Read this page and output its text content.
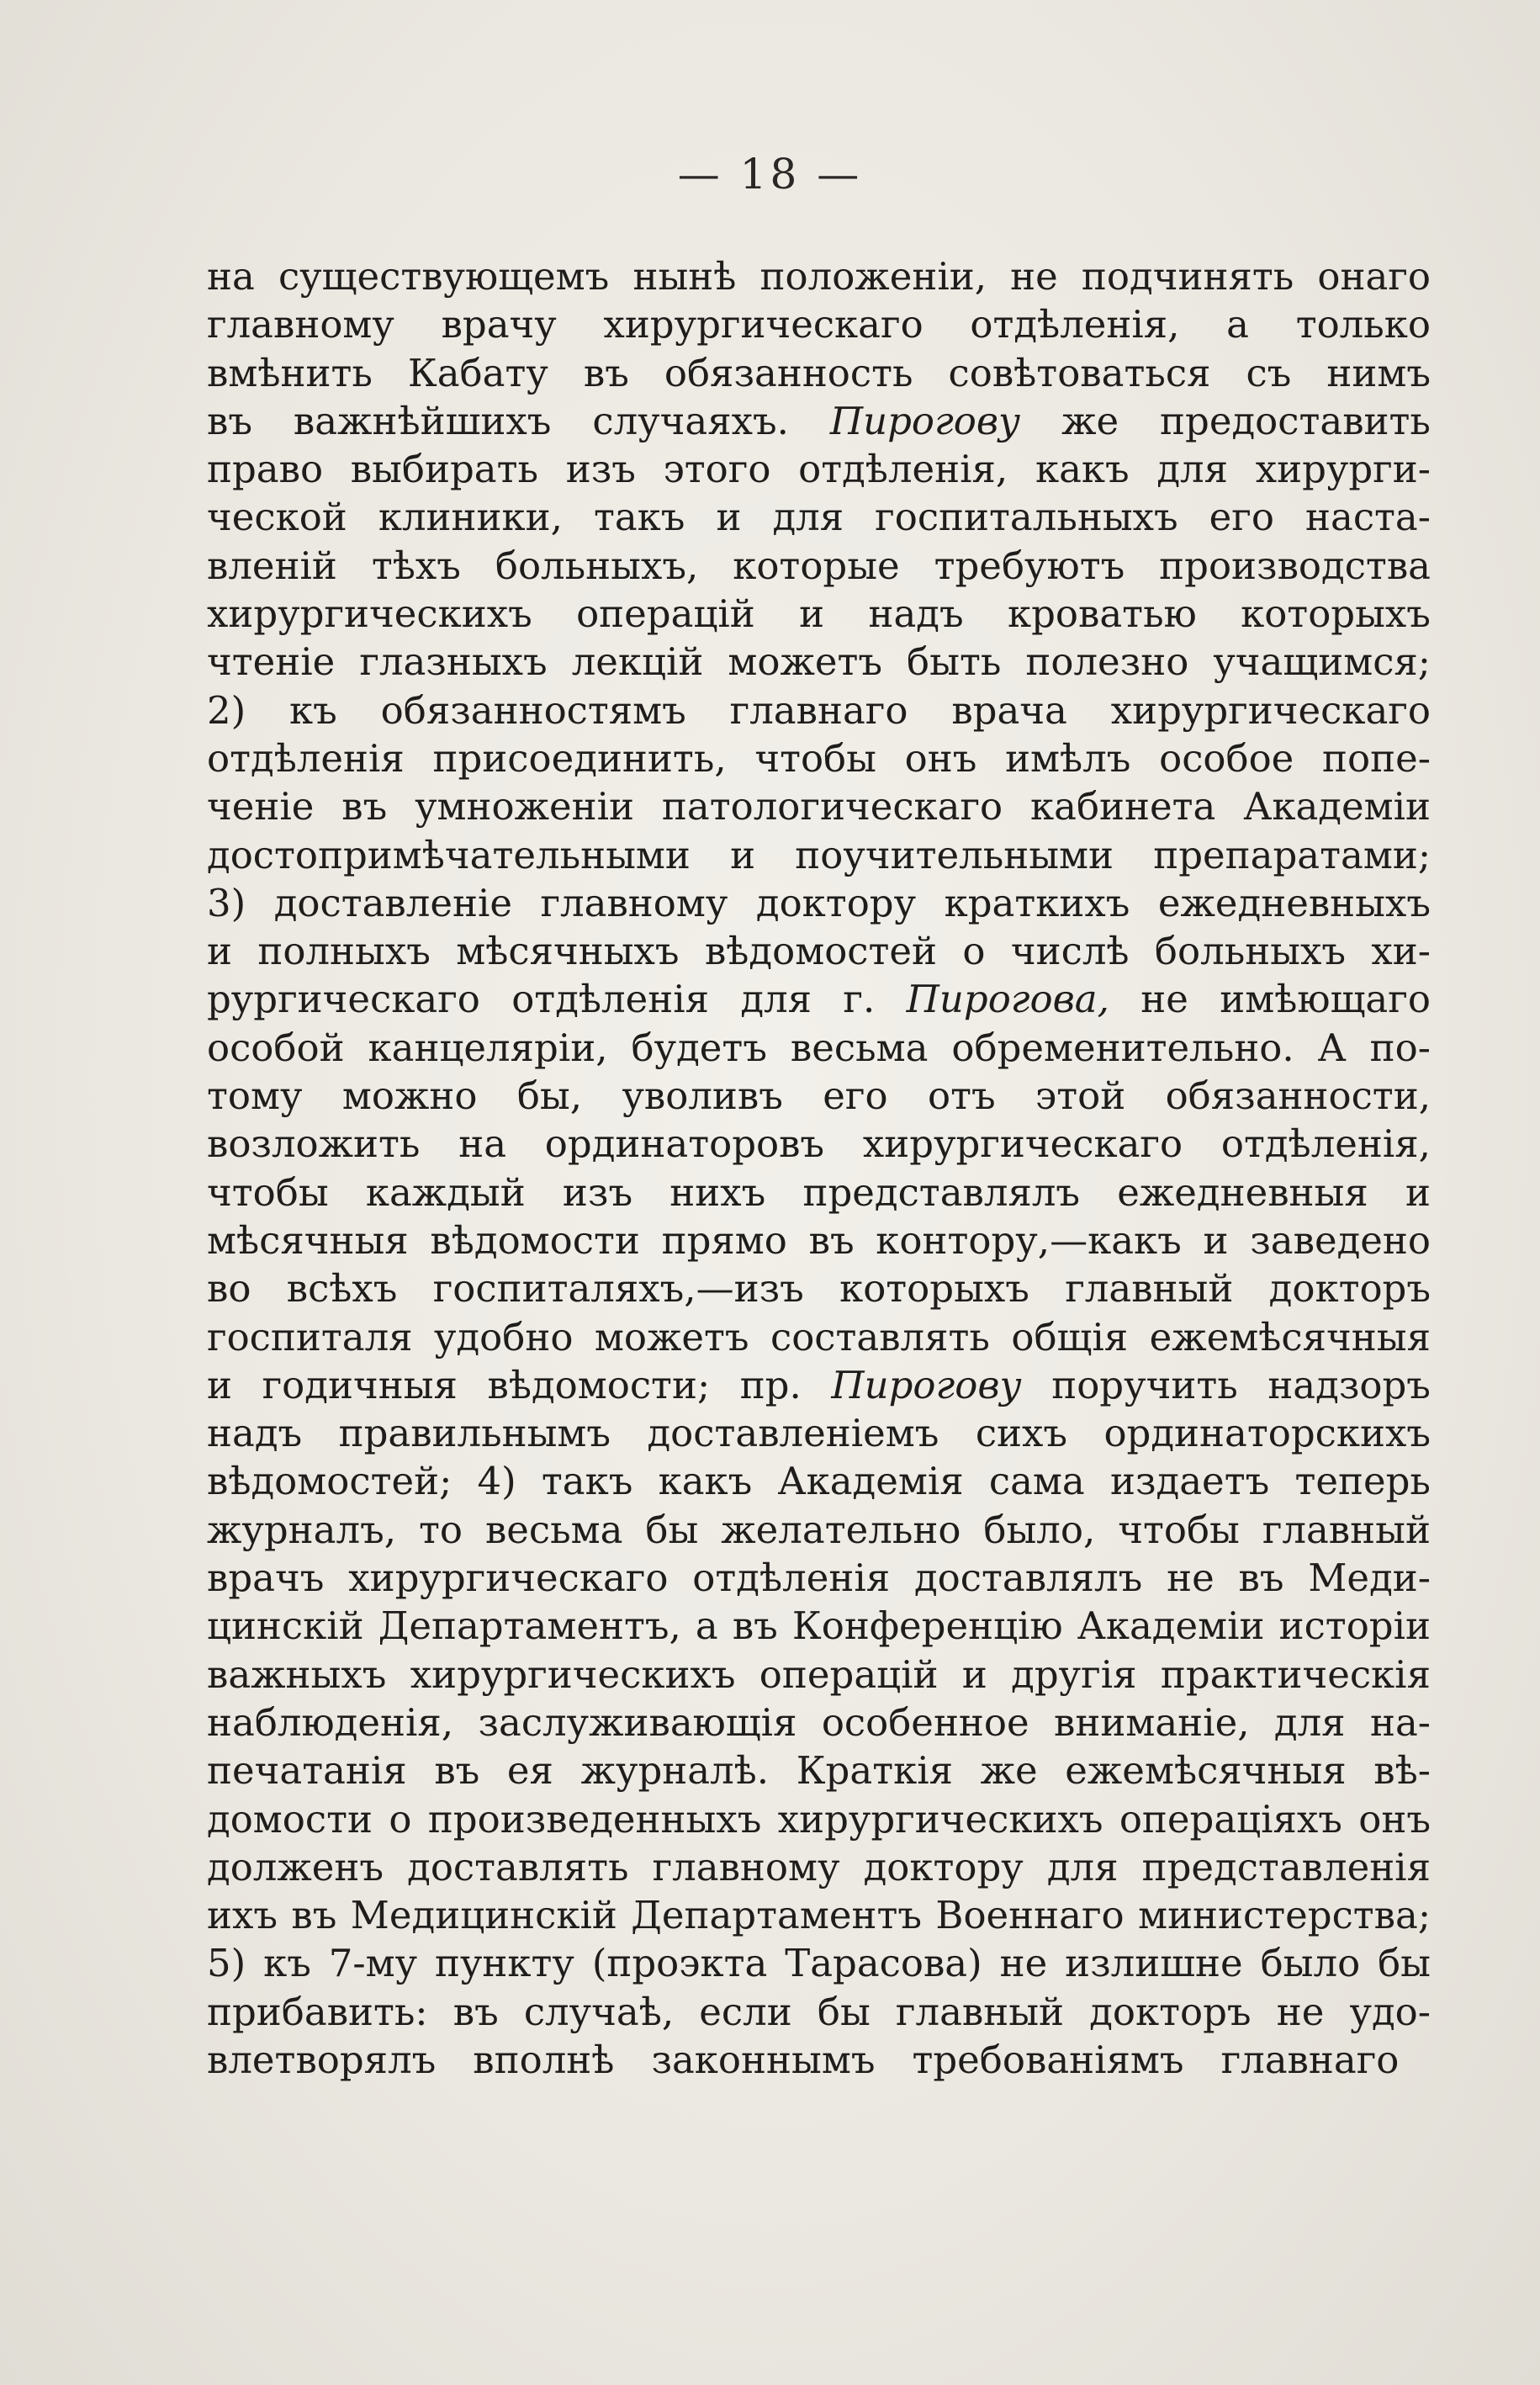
— 18 —
на существующемъ нынѣ положенiи, не подчинять онаго
главному врачу хирургическаго отдѣленiя, а только
вмѣнить Кабату въ обязанность совѣтоваться съ нимъ
въ важнѣйшихъ случаяхъ. Пирогову же предоставить
право выбирать изъ этого отдѣленiя, какъ для хирурги-
ческой клиники, такъ и для госпитальныхъ его наста-
вленiй тѣхъ больныхъ, которые требуютъ производства
хирургическихъ операцiй и надъ кроватью которыхъ
чтенiе глазныхъ лекцiй можетъ быть полезно учащимся;
2) къ обязанностямъ главнаго врача хирургическаго
отдѣленiя присоединить, чтобы онъ имѣлъ особое попе-
ченiе въ умноженiи патологическаго кабинета Академiи
достопримѣчательными и поучительными препаратами;
3) доставленiе главному доктору краткихъ ежедневныхъ
и полныхъ мѣсячныхъ вѣдомостей о числѣ больныхъ хи-
рургическаго отдѣленiя для г. Пирогова, не имѣющаго
особой канцелярiи, будетъ весьма обременительно. А по-
тому можно бы, уволивъ его отъ этой обязанности,
возложить на ординаторовъ хирургическаго отдѣленiя,
чтобы каждый изъ нихъ представлялъ ежедневныя и
мѣсячныя вѣдомости прямо въ контору,—какъ и заведено
во всѣхъ госпиталяхъ,—изъ которыхъ главный докторъ
госпиталя удобно можетъ составлять общiя ежемѣсячныя
и годичныя вѣдомости; пр. Пирогову поручить надзоръ
надъ правильнымъ доставленiемъ сихъ ординаторскихъ
вѣдомостей; 4) такъ какъ Академiя сама издаетъ теперь
журналъ, то весьма бы желательно было, чтобы главный
врачъ хирургическаго отдѣленiя доставлялъ не въ Меди-
цинскiй Департаментъ, а въ Конференцiю Академiи исторiи
важныхъ хирургическихъ операцiй и другiя практическiя
наблюденiя, заслуживающiя особенное вниманiе, для на-
печатанiя въ ея журналѣ. Краткiя же ежемѣсячныя вѣ-
домости о произведенныхъ хирургическихъ операцiяхъ онъ
долженъ доставлять главному доктору для представленiя
ихъ въ Медицинскiй Департаментъ Военнаго министерства;
5) къ 7-му пункту (проэкта Тарасова) не излишне было бы
прибавить: въ случаѣ, если бы главный докторъ не удо-
влетворялъ вполнѣ законнымъ требованiямъ главнаго
